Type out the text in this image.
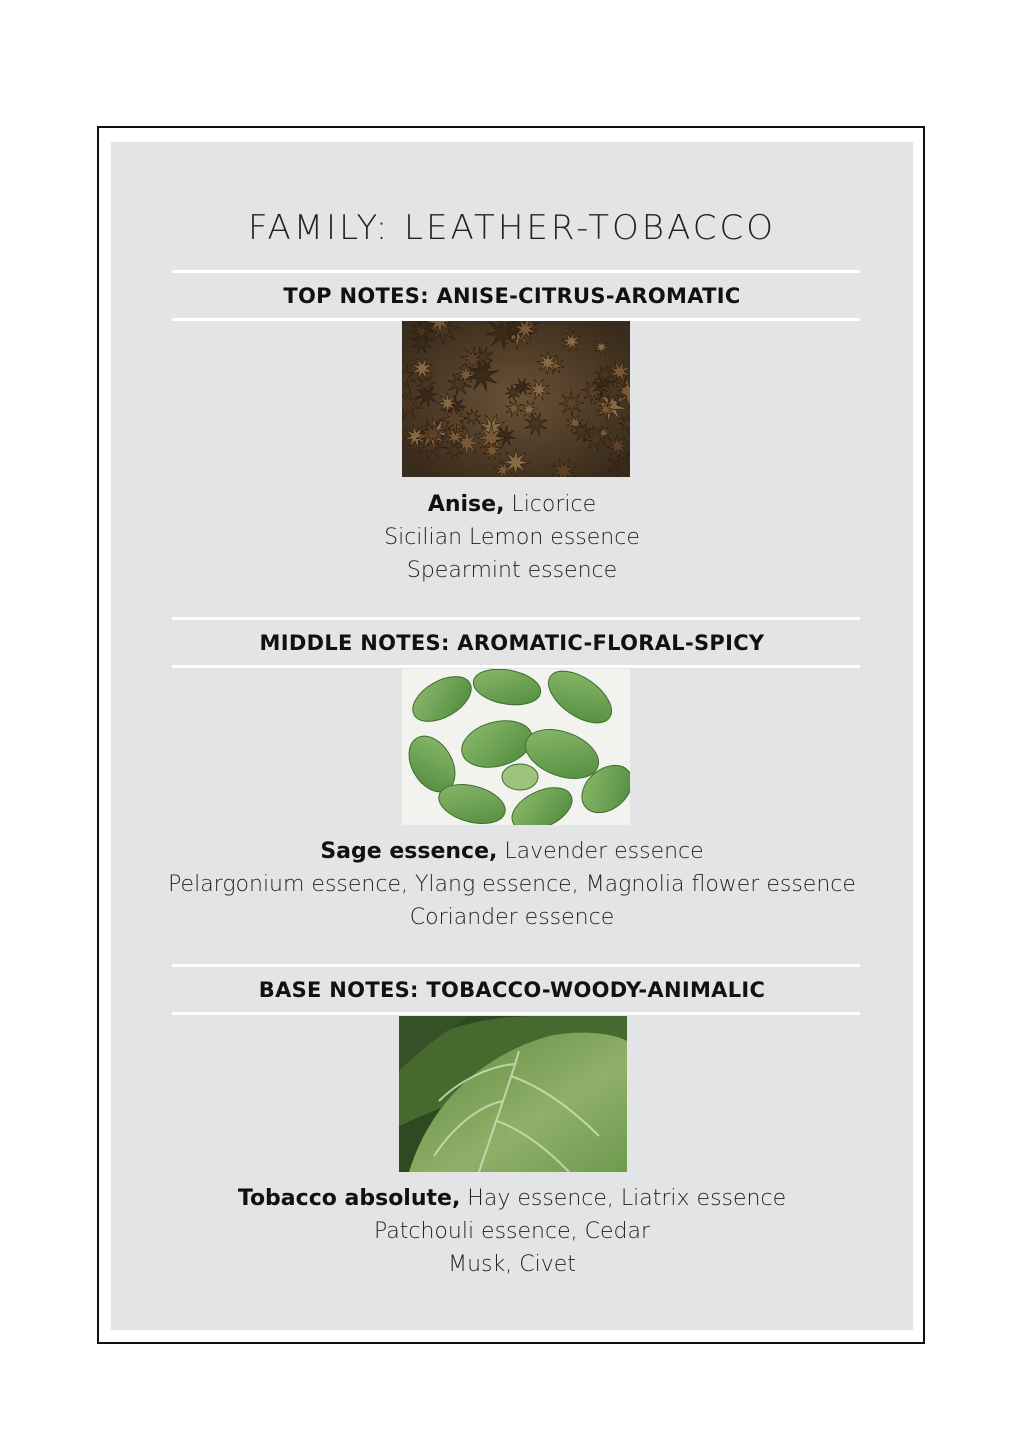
FAMILY: LEATHER-TOBACCO
TOP NOTES: ANISE-CITRUS-AROMATIC
Anise, Licorice
Sicilian Lemon essence
Spearmint essence
MIDDLE NOTES: AROMATIC-FLORAL-SPICY
Sage essence, Lavender essence
Pelargonium essence, Ylang essence, Magnolia flower essence
Coriander essence
BASE NOTES: TOBACCO-WOODY-ANIMALIC
Tobacco absolute, Hay essence, Liatrix essence
Patchouli essence, Cedar
Musk, Civet
